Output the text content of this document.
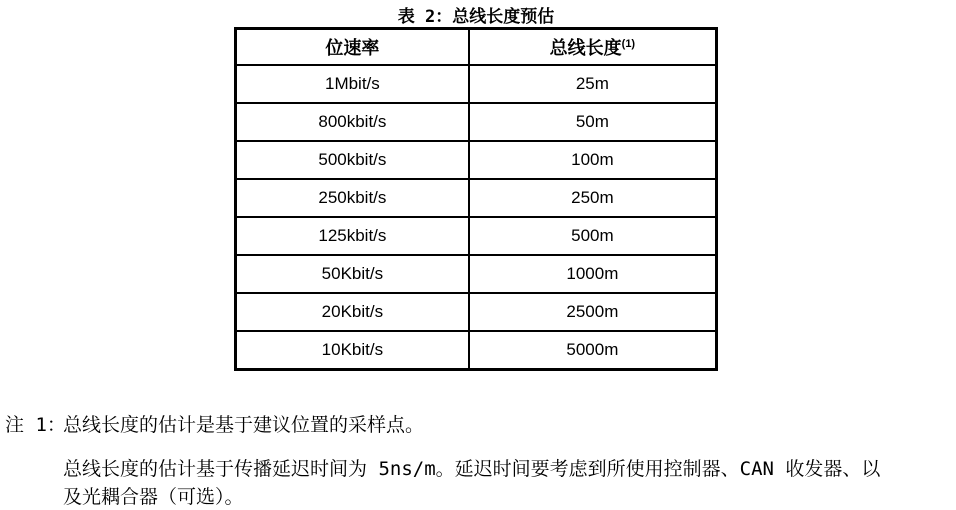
表 2：总线长度预估
位速率	总线长度$^{(1)}$
1Mbit/s	25m
800kbit/s	50m
500kbit/s	100m
250kbit/s	250m
125kbit/s	500m
50Kbit/s	1000m
20Kbit/s	2500m
10Kbit/s	5000m
注 1：
总线长度的估计是基于建议位置的采样点。

总线长度的估计基于传播延迟时间为 5ns/m。延迟时间要考虑到所使用控制器、CAN 收发器、以及光耦合器（可选）。
